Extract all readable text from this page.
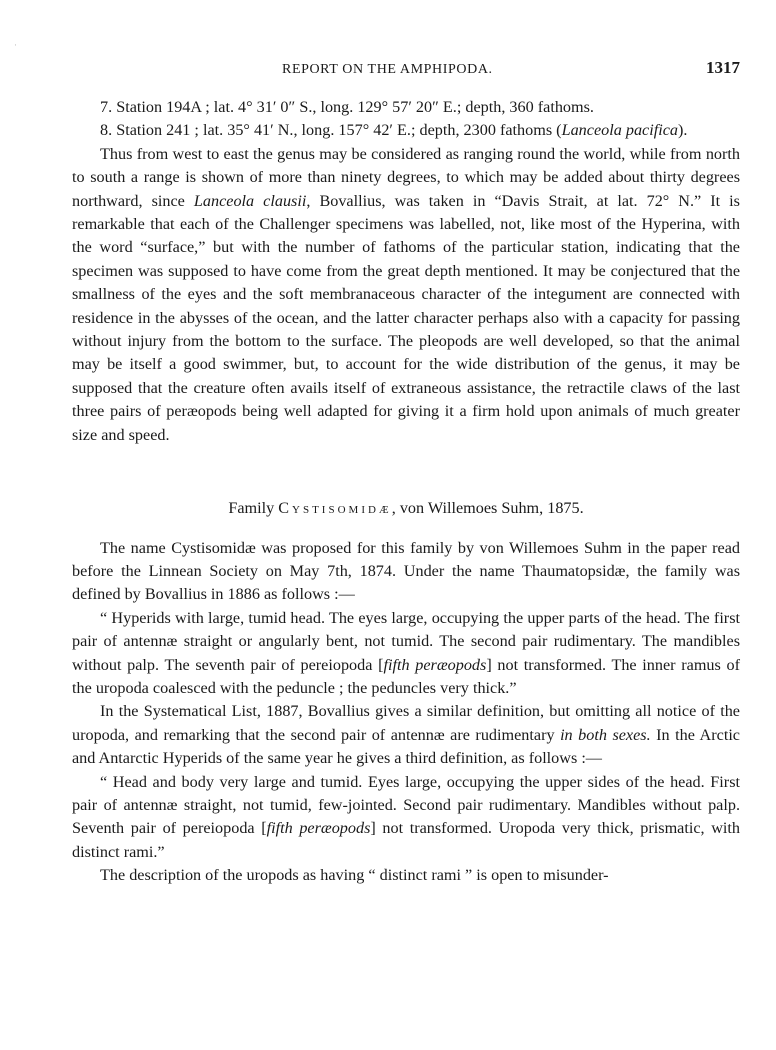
·
REPORT ON THE AMPHIPODA.	1317

7. Station 194A ; lat. 4° 31′ 0″ S., long. 129° 57′ 20″ E.; depth, 360 fathoms.

8. Station 241 ; lat. 35° 41′ N., long. 157° 42′ E.; depth, 2300 fathoms (Lanceola pacifica).

Thus from west to east the genus may be considered as ranging round the world, while from north to south a range is shown of more than ninety degrees, to which may be added about thirty degrees northward, since Lanceola clausii, Bovallius, was taken in “Davis Strait, at lat. 72° N.” It is remarkable that each of the Challenger specimens was labelled, not, like most of the Hyperina, with the word “surface,” but with the number of fathoms of the particular station, indicating that the specimen was supposed to have come from the great depth mentioned. It may be conjectured that the smallness of the eyes and the soft membranaceous character of the integument are connected with residence in the abysses of the ocean, and the latter character perhaps also with a capacity for passing without injury from the bottom to the surface. The pleopods are well developed, so that the animal may be itself a good swimmer, but, to account for the wide distribution of the genus, it may be supposed that the creature often avails itself of extraneous assistance, the retractile claws of the last three pairs of peræopods being well adapted for giving it a firm hold upon animals of much greater size and speed.

Family Cystisomidæ, von Willemoes Suhm, 1875.

The name Cystisomidæ was proposed for this family by von Willemoes Suhm in the paper read before the Linnean Society on May 7th, 1874. Under the name Thaumatopsidæ, the family was defined by Bovallius in 1886 as follows :—

“ Hyperids with large, tumid head. The eyes large, occupying the upper parts of the head. The first pair of antennæ straight or angularly bent, not tumid. The second pair rudimentary. The mandibles without palp. The seventh pair of pereiopoda [fifth peræopods] not transformed. The inner ramus of the uropoda coalesced with the peduncle ; the peduncles very thick.”

In the Systematical List, 1887, Bovallius gives a similar definition, but omitting all notice of the uropoda, and remarking that the second pair of antennæ are rudimentary in both sexes. In the Arctic and Antarctic Hyperids of the same year he gives a third definition, as follows :—

“ Head and body very large and tumid. Eyes large, occupying the upper sides of the head. First pair of antennæ straight, not tumid, few-jointed. Second pair rudimentary. Mandibles without palp. Seventh pair of pereiopoda [fifth peræopods] not transformed. Uropoda very thick, prismatic, with distinct rami.”

The description of the uropods as having “ distinct rami ” is open to misunder-
